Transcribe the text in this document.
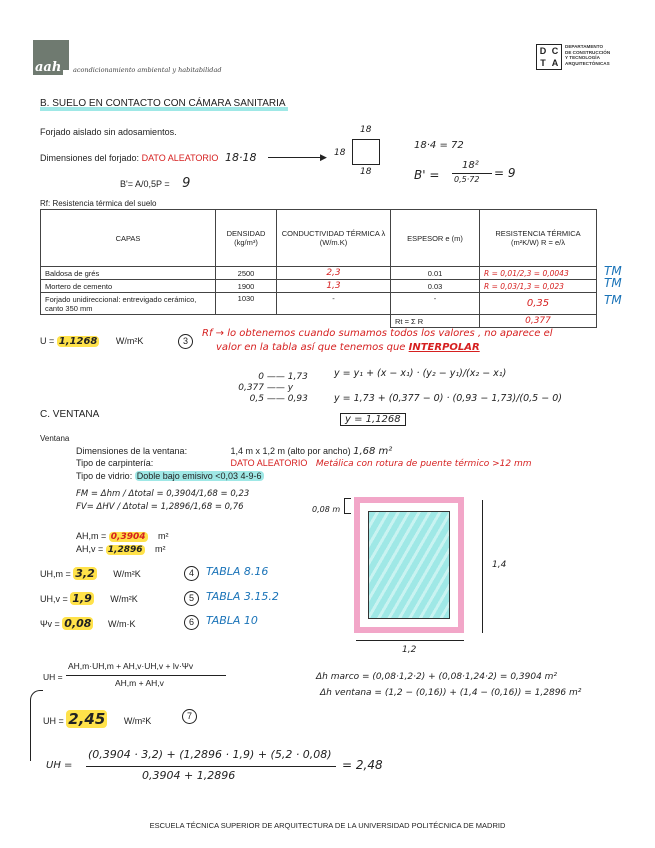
aah	acondicionamiento ambiental y habitabilidad
D C
T A
DEPARTAMENTO
DE CONSTRUCCIÓN
Y TECNOLOGÍA
ARQUITECTÓNICAS
B. SUELO EN CONTACTO CON CÁMARA SANITARIA
Forjado aislado sin adosamientos.
Dimensiones del forjado: DATO ALEATORIO 18·18	▶
18
18
18
18·4 = 72
B' =
18²
0,5·72 = 9
B'= A/0,5P = 9
Rf: Resistencia térmica del suelo
CAPAS	DENSIDAD (kg/m³)	CONDUCTIVIDAD TÉRMICA λ (W/m.K)	ESPESOR e (m)	RESISTENCIA TÉRMICA (m²K/W) R = e/λ
Baldosa de grés	2500	2,3	0.01	R = 0,01/2,3 = 0,0043
Mortero de cemento	1900	1,3	0.03	R = 0,03/1,3 = 0,023
Forjado unidireccional: entrevigado cerámico, canto 350 mm	1030	-	-	0,35
			Rt = Σ R	0,377
TM
TM
TM
U = 1,1268 W/m²K	3
Rf → lo obtenemos cuando sumamos todos los valores , no aparece el
valor en la tabla así que tenemos que INTERPOLAR
0 —— 1,73
0,377 —— y
0,5 —— 0,93
y = y₁ + (x − x₁) · (y₂ − y₁)/(x₂ − x₁)
y = 1,73 + (0,377 − 0) · (0,93 − 1,73)/(0,5 − 0)
y = 1,1268
C. VENTANA
Ventana
Dimensiones de la ventana:	1,4 m x 1,2 m (alto por ancho) 1,68 m²
Tipo de carpintería:	DATO ALEATORIO Metálica con rotura de puente térmico >12 mm
Tipo de vidrio: Doble bajo emisivo <0,03 4-9-6
FM = Δhm / Δtotal = 0,3904/1,68 = 0,23
FV= ΔHV / Δtotal = 1,2896/1,68 = 0,76
AH,m = 0,3904 m²
AH,v = 1,2896 m²
UH,m = 3,2 W/m²K	4	TABLA 8.16
UH,v = 1,9 W/m²K	5	TABLA 3.15.2
Ψv = 0,08 W/m·K	6	TABLA 10
0,08 m
1,4
1,2
UH =
AH,m·UH,m + AH,v·UH,v + lv·Ψv
AH,m + AH,v
Δh marco = (0,08·1,2·2) + (0,08·1,24·2) = 0,3904 m²
Δh ventana = (1,2 − (0,16)) + (1,4 − (0,16)) = 1,2896 m²
UH = 2,45 W/m²K	7
UH =
(0,3904 · 3,2) + (1,2896 · 1,9) + (5,2 · 0,08)
0,3904 + 1,2896
= 2,48
ESCUELA TÉCNICA SUPERIOR DE ARQUITECTURA DE LA UNIVERSIDAD POLITÉCNICA DE MADRID
